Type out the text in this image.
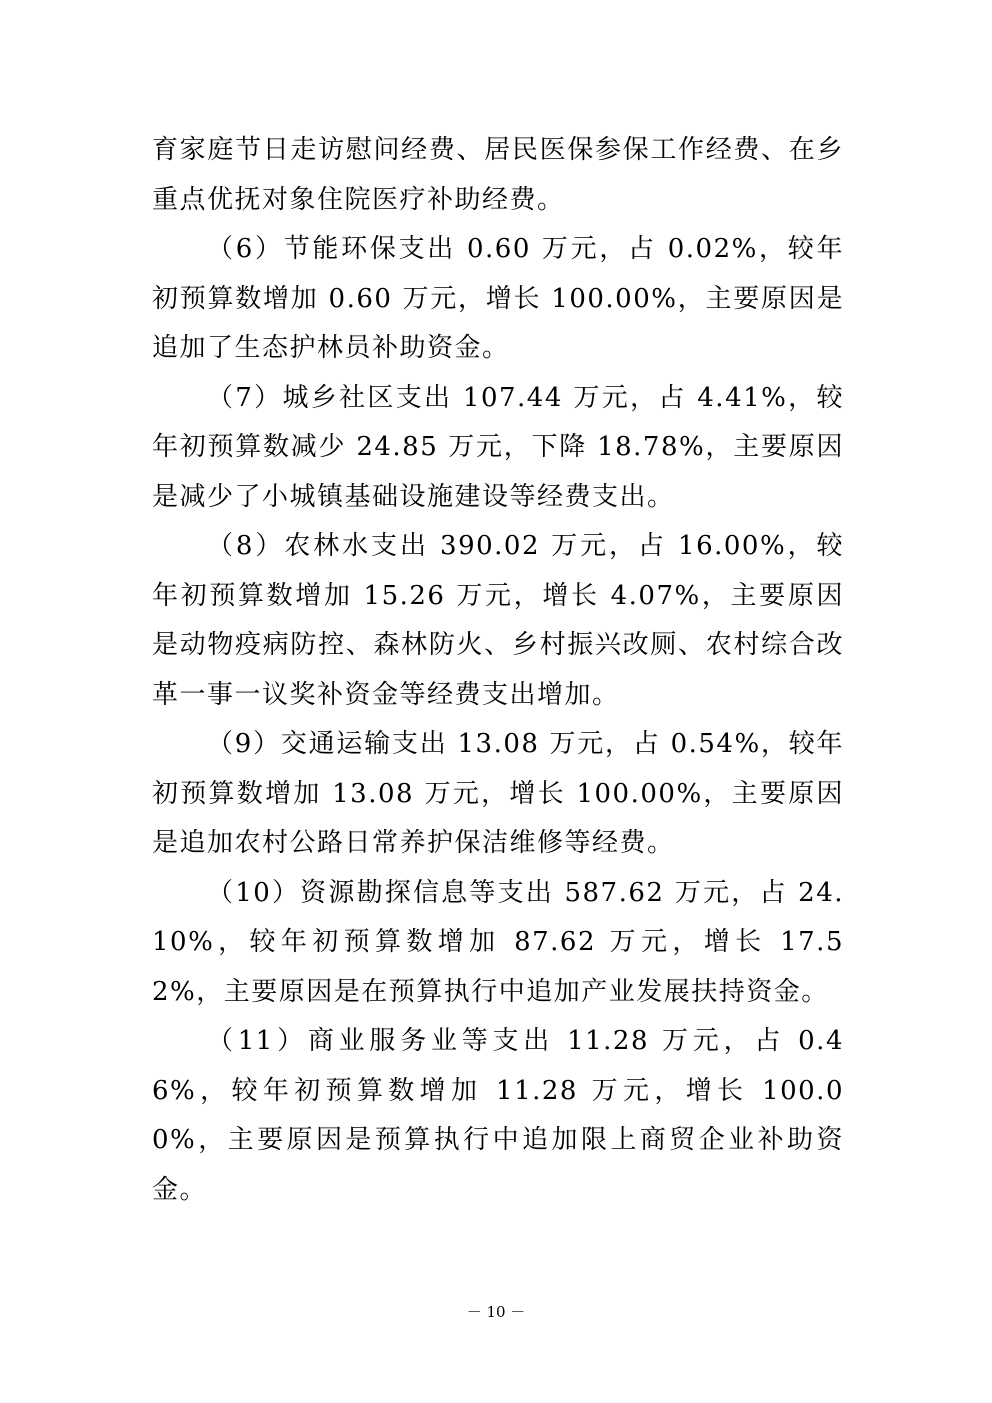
育家庭节日走访慰问经费、居民医保参保工作经费、在乡重点优抚对象住院医疗补助经费。

（6）节能环保支出 0.60 万元，占 0.02%，较年初预算数增加 0.60 万元，增长 100.00%，主要原因是追加了生态护林员补助资金。

（7）城乡社区支出 107.44 万元，占 4.41%，较年初预算数减少 24.85 万元，下降 18.78%，主要原因是减少了小城镇基础设施建设等经费支出。

（8）农林水支出 390.02 万元，占 16.00%，较年初预算数增加 15.26 万元，增长 4.07%，主要原因是动物疫病防控、森林防火、乡村振兴改厕、农村综合改革一事一议奖补资金等经费支出增加。

（9）交通运输支出 13.08 万元，占 0.54%，较年初预算数增加 13.08 万元，增长 100.00%，主要原因是追加农村公路日常养护保洁维修等经费。

（10）资源勘探信息等支出 587.62 万元，占 24.10%，较年初预算数增加 87.62 万元，增长 17.52%，主要原因是在预算执行中追加产业发展扶持资金。

（11）商业服务业等支出 11.28 万元，占 0.46%，较年初预算数增加 11.28 万元，增长 100.00%，主要原因是预算执行中追加限上商贸企业补助资金。

－ 10 －
